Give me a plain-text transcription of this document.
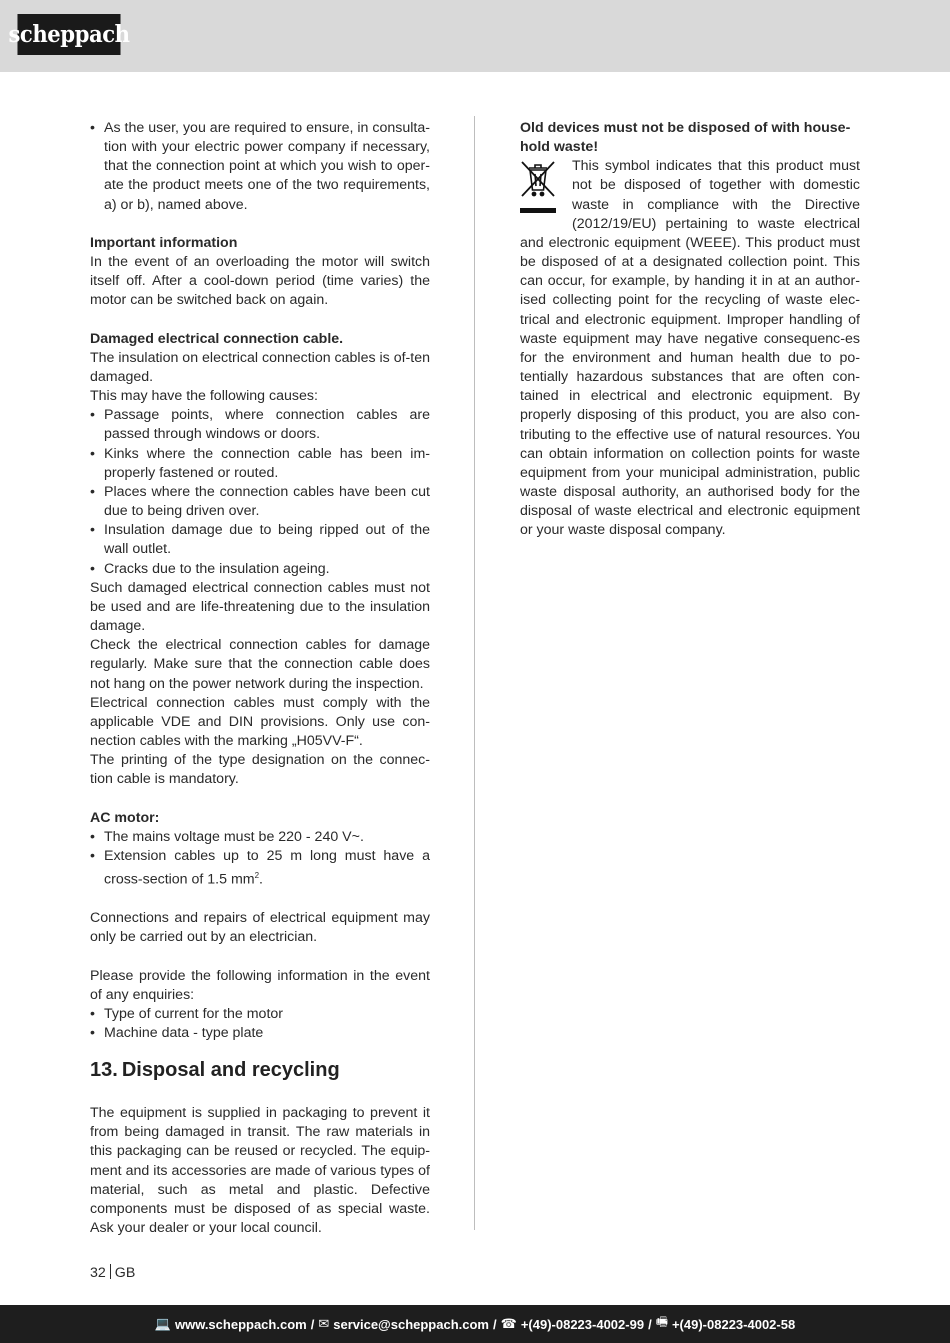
scheppach
• As the user, you are required to ensure, in consulta-tion with your electric power company if necessary, that the connection point at which you wish to oper-ate the product meets one of the two requirements, a) or b), named above.

Important information

In the event of an overloading the motor will switch itself off. After a cool-down period (time varies) the motor can be switched back on again.

Damaged electrical connection cable.

The insulation on electrical connection cables is of-ten damaged.

This may have the following causes:

• Passage points, where connection cables are passed through windows or doors.
• Kinks where the connection cable has been im-properly fastened or routed.
• Places where the connection cables have been cut due to being driven over.
• Insulation damage due to being ripped out of the wall outlet.
• Cracks due to the insulation ageing.

Such damaged electrical connection cables must not be used and are life-threatening due to the insulation damage.

Check the electrical connection cables for damage regularly. Make sure that the connection cable does not hang on the power network during the inspection.

Electrical connection cables must comply with the applicable VDE and DIN provisions. Only use con-nection cables with the marking „H05VV-F“.

The printing of the type designation on the connec-tion cable is mandatory.

AC motor:

• The mains voltage must be 220 - 240 V~.
• Extension cables up to 25 m long must have a cross-section of 1.5 $mm^2$.

Connections and repairs of electrical equipment may only be carried out by an electrician.

Please provide the following information in the event of any enquiries:

• Type of current for the motor
• Machine data - type plate
13. Disposal and recycling

The equipment is supplied in packaging to prevent it from being damaged in transit. The raw materials in this packaging can be reused or recycled. The equip-ment and its accessories are made of various types of material, such as metal and plastic. Defective components must be disposed of as special waste. Ask your dealer or your local council.

Old devices must not be disposed of with house-hold waste!

This symbol indicates that this product must not be disposed of together with domestic waste in compliance with the Directive (2012/19/EU) pertaining to waste electrical and electronic equipment (WEEE). This product must be disposed of at a designated collection point. This can occur, for example, by handing it in at an author-ised collecting point for the recycling of waste elec-trical and electronic equipment. Improper handling of waste equipment may have negative consequenc-es for the environment and human health due to po-tentially hazardous substances that are often con-tained in electrical and electronic equipment. By properly disposing of this product, you are also con-tributing to the effective use of natural resources. You can obtain information on collection points for waste equipment from your municipal administration, public waste disposal authority, an authorised body for the disposal of waste electrical and electronic equipment or your waste disposal company.

32 GB
💻 www.scheppach.com / ✉ service@scheppach.com / ☎ +(49)-08223-4002-99 / 🖷 +(49)-08223-4002-58
